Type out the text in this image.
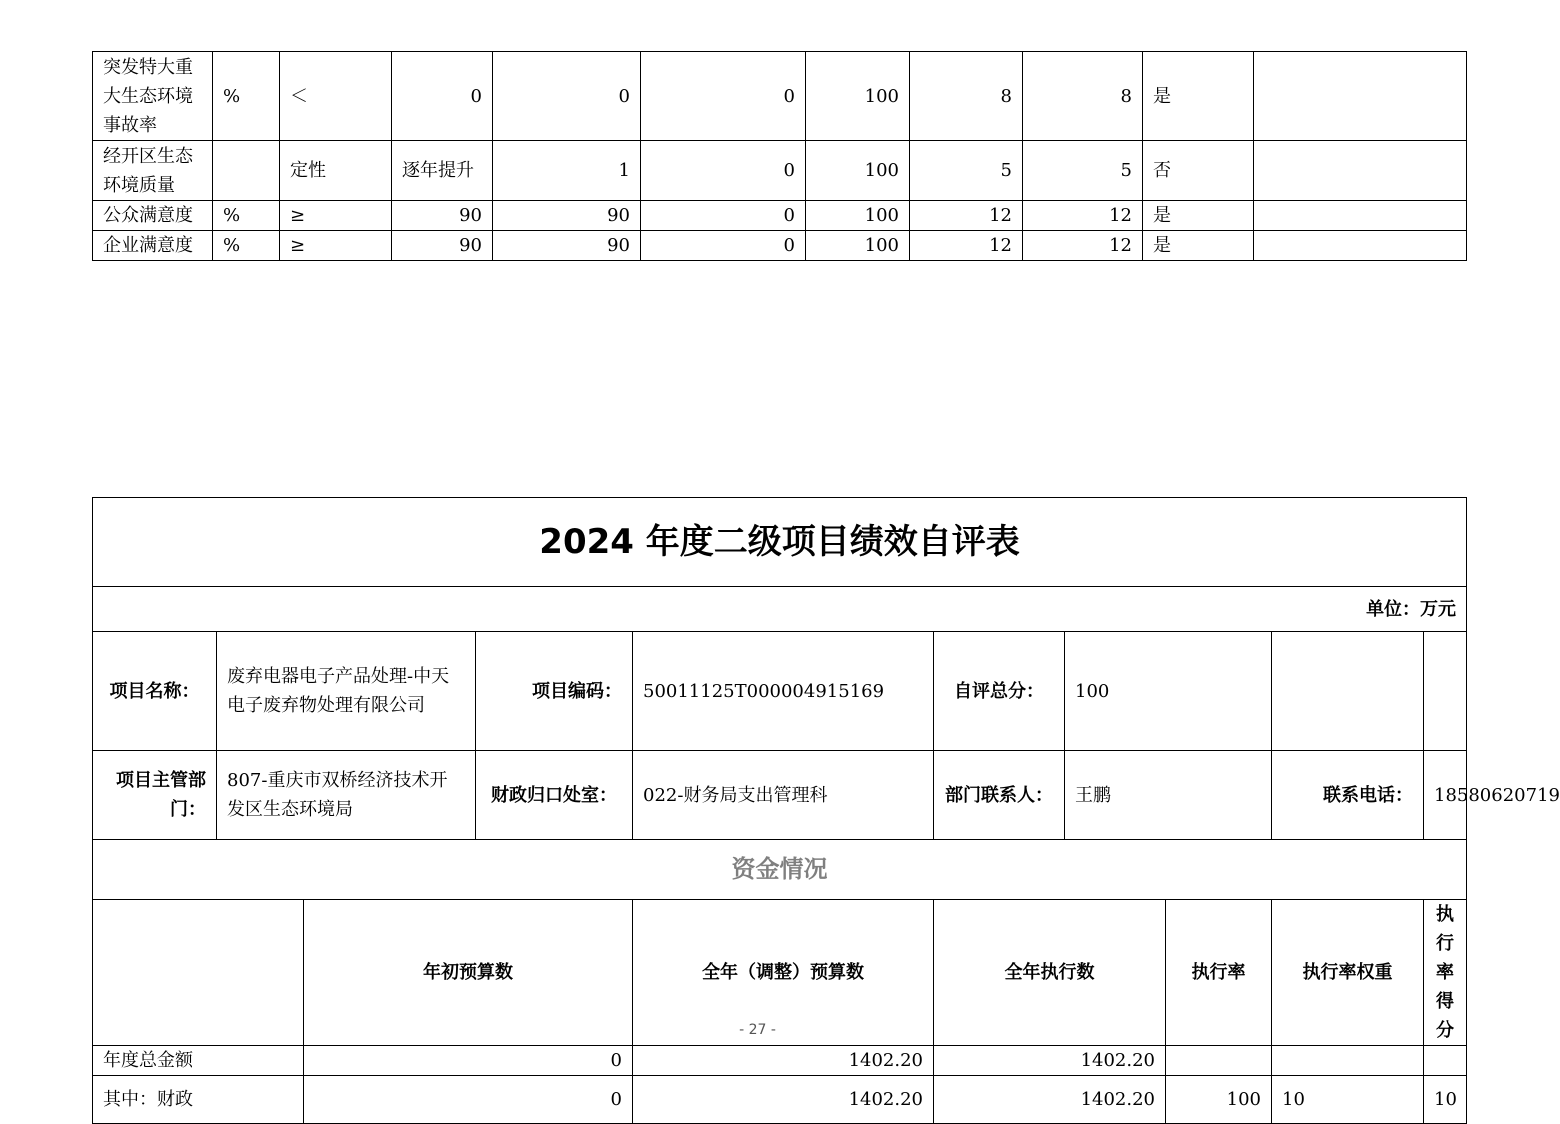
突发特大重大生态环境事故率	%	＜	0	0	0	100	8	8	是	
经开区生态环境质量		定性	逐年提升	1	0	100	5	5	否	
公众满意度	%	≥	90	90	0	100	12	12	是	
企业满意度	%	≥	90	90	0	100	12	12	是	
2024 年度二级项目绩效自评表									
单位：万元									
项目名称：	废弃电器电子产品处理-中天电子废弃物处理有限公司		项目编码：	50011125T000004915169	自评总分：	100			
项目主管部门：	807-重庆市双桥经济技术开发区生态环境局		财政归口处室：	022-财务局支出管理科	部门联系人：	王鹏		联系电话：	18580620719
资金情况									
		年初预算数		全年（调整）预算数	全年执行数		执行率	执行率权重	执行率得分
年度总金额		0		1402.20	1402.20				
其中：财政		0		1402.20	1402.20		100	10	10
- 27 -
